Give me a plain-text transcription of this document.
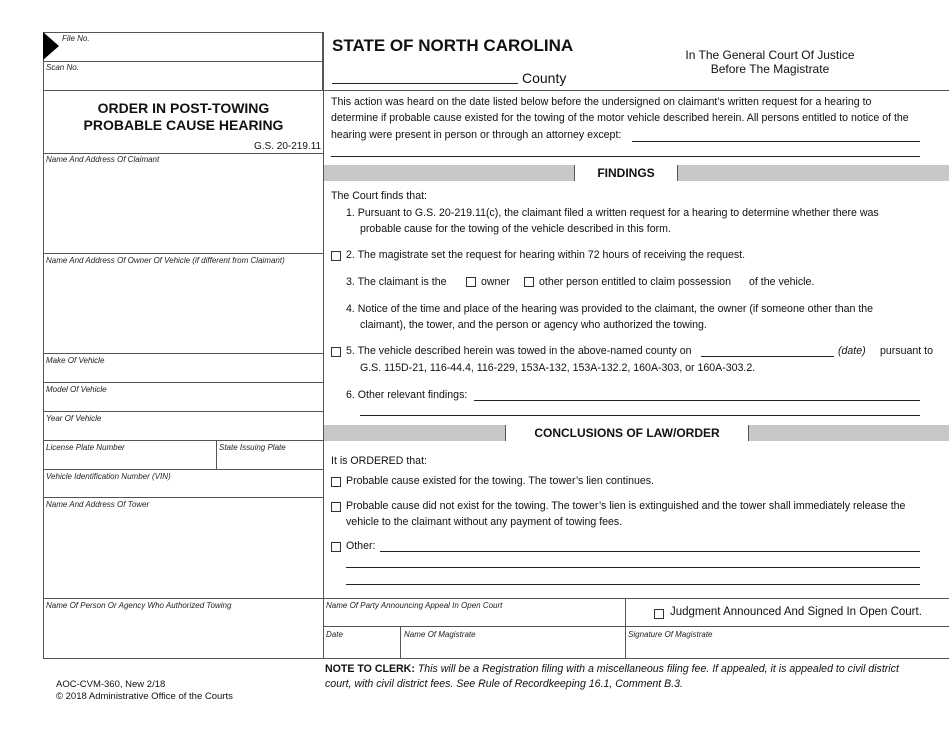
File No.
Scan No.
STATE OF NORTH CAROLINA
County
In The General Court Of Justice
Before The Magistrate
ORDER IN POST-TOWING
PROBABLE CAUSE HEARING
G.S. 20-219.11
This action was heard on the date listed below before the undersigned on claimant’s written request for a hearing to
determine if probable cause existed for the towing of the motor vehicle described herein. All persons entitled to notice of the
hearing were present in person or through an attorney except:
Name And Address Of Claimant
Name And Address Of Owner Of Vehicle (if different from Claimant)
Make Of Vehicle
Model Of Vehicle
Year Of Vehicle
License Plate Number	State Issuing Plate
Vehicle Identification Number (VIN)
Name And Address Of Tower
Name Of Person Or Agency Who Authorized Towing
FINDINGS
The Court finds that:
1. Pursuant to G.S. 20-219.11(c), the claimant filed a written request for a hearing to determine whether there was
probable cause for the towing of the vehicle described in this form.
2. The magistrate set the request for hearing within 72 hours of receiving the request.
3. The claimant is the	owner	other person entitled to claim possession of the vehicle.
4. Notice of the time and place of the hearing was provided to the claimant, the owner (if someone other than the
claimant), the tower, and the person or agency who authorized the towing.
5. The vehicle described herein was towed in the above-named county on	(date) pursuant to
G.S. 115D-21, 116-44.4, 116-229, 153A-132, 153A-132.2, 160A-303, or 160A-303.2.
6. Other relevant findings:
CONCLUSIONS OF LAW/ORDER
It is ORDERED that:
Probable cause existed for the towing. The tower’s lien continues.
Probable cause did not exist for the towing. The tower’s lien is extinguished and the tower shall immediately release the
vehicle to the claimant without any payment of towing fees.
Other:
Name Of Party Announcing Appeal In Open Court
Judgment Announced And Signed In Open Court.
Date	Name Of Magistrate	Signature Of Magistrate
AOC-CVM-360, New 2/18
© 2018 Administrative Office of the Courts
NOTE TO CLERK: This will be a Registration filing with a miscellaneous filing fee. If appealed, it is appealed to civil district
court, with civil district fees. See Rule of Recordkeeping 16.1, Comment B.3.
